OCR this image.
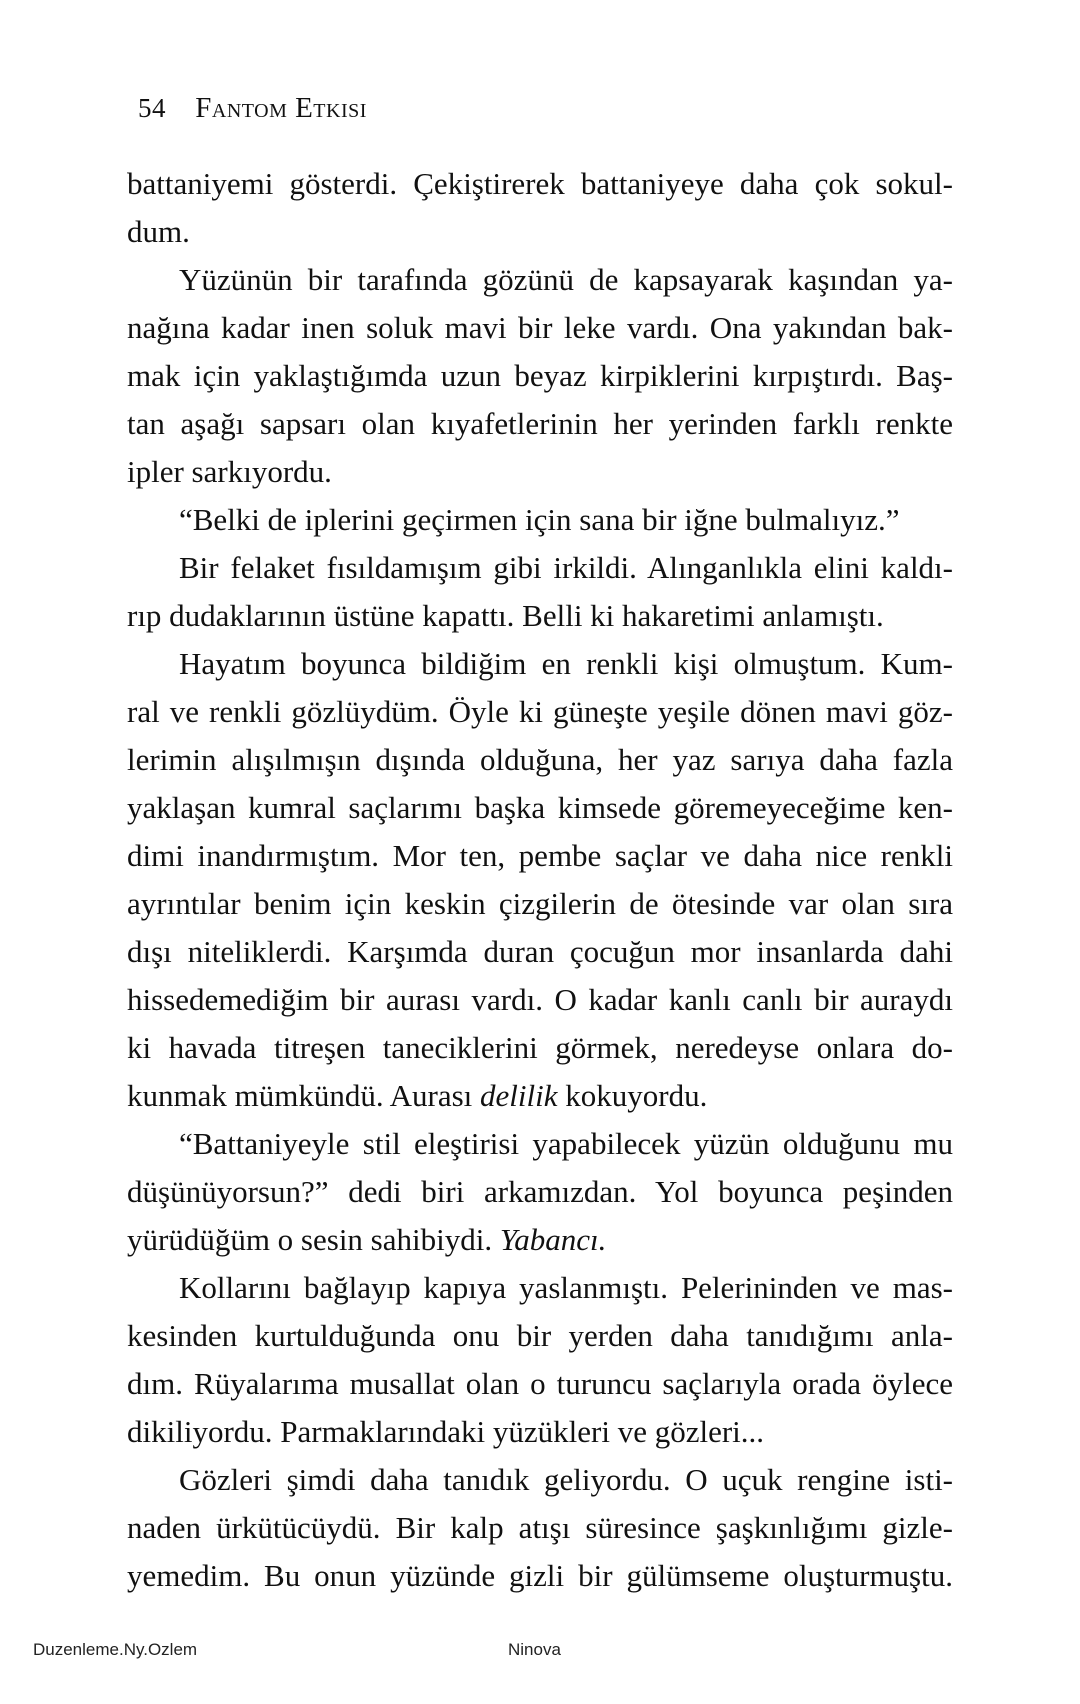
54 Fantom Etkisi
battaniyemi gösterdi. Çekiştirerek battaniyeye daha çok sokul-
dum.
Yüzünün bir tarafında gözünü de kapsayarak kaşından ya-
nağına kadar inen soluk mavi bir leke vardı. Ona yakından bak-
mak için yaklaştığımda uzun beyaz kirpiklerini kırpıştırdı. Baş-
tan aşağı sapsarı olan kıyafetlerinin her yerinden farklı renkte
ipler sarkıyordu.
“Belki de iplerini geçirmen için sana bir iğne bulmalıyız.”
Bir felaket fısıldamışım gibi irkildi. Alınganlıkla elini kaldı-
rıp dudaklarının üstüne kapattı. Belli ki hakaretimi anlamıştı.
Hayatım boyunca bildiğim en renkli kişi olmuştum. Kum-
ral ve renkli gözlüydüm. Öyle ki güneşte yeşile dönen mavi göz-
lerimin alışılmışın dışında olduğuna, her yaz sarıya daha fazla
yaklaşan kumral saçlarımı başka kimsede göremeyeceğime ken-
dimi inandırmıştım. Mor ten, pembe saçlar ve daha nice renkli
ayrıntılar benim için keskin çizgilerin de ötesinde var olan sıra
dışı niteliklerdi. Karşımda duran çocuğun mor insanlarda dahi
hissedemediğim bir aurası vardı. O kadar kanlı canlı bir auraydı
ki havada titreşen taneciklerini görmek, neredeyse onlara do-
kunmak mümkündü. Aurası delilik kokuyordu.
“Battaniyeyle stil eleştirisi yapabilecek yüzün olduğunu mu
düşünüyorsun?” dedi biri arkamızdan. Yol boyunca peşinden
yürüdüğüm o sesin sahibiydi. Yabancı.
Kollarını bağlayıp kapıya yaslanmıştı. Pelerininden ve mas-
kesinden kurtulduğunda onu bir yerden daha tanıdığımı anla-
dım. Rüyalarıma musallat olan o turuncu saçlarıyla orada öylece
dikiliyordu. Parmaklarındaki yüzükleri ve gözleri...
Gözleri şimdi daha tanıdık geliyordu. O uçuk rengine isti-
naden ürkütücüydü. Bir kalp atışı süresince şaşkınlığımı gizle-
yemedim. Bu onun yüzünde gizli bir gülümseme oluşturmuştu.
Duzenleme.Ny.Ozlem	Ninova
